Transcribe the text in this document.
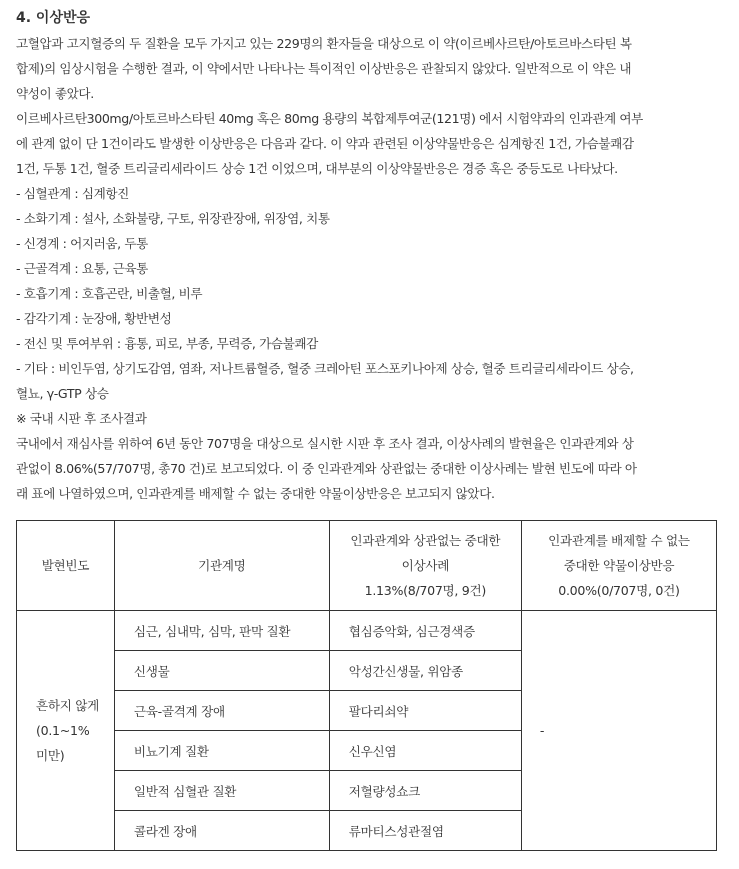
4. 이상반응
고혈압과 고지혈증의 두 질환을 모두 가지고 있는 229명의 환자들을 대상으로 이 약(이르베사르탄/아토르바스타틴 복
합제)의 임상시험을 수행한 결과, 이 약에서만 나타나는 특이적인 이상반응은 관찰되지 않았다. 일반적으로 이 약은 내
약성이 좋았다.
이르베사르탄300mg/아토르바스타틴 40mg 혹은 80mg 용량의 복합제투여군(121명) 에서 시험약과의 인과관계 여부
에 관계 없이 단 1건이라도 발생한 이상반응은 다음과 같다. 이 약과 관련된 이상약물반응은 심계항진 1건, 가슴불쾌감
1건, 두통 1건, 혈중 트리글리세라이드 상승 1건 이었으며, 대부분의 이상약물반응은 경증 혹은 중등도로 나타났다.
- 심혈관계 : 심계항진
- 소화기계 : 설사, 소화불량, 구토, 위장관장애, 위장염, 치통
- 신경계 : 어지러움, 두통
- 근골격계 : 요통, 근육통
- 호흡기계 : 호흡곤란, 비출혈, 비루
- 감각기계 : 눈장애, 황반변성
- 전신 및 투여부위 : 흉통, 피로, 부종, 무력증, 가슴불쾌감
- 기타 : 비인두염, 상기도감염, 염좌, 저나트륨혈증, 혈중 크레아틴 포스포키나아제 상승, 혈중 트리글리세라이드 상승,
혈뇨, γ-GTP 상승
※ 국내 시판 후 조사결과
국내에서 재심사를 위하여 6년 동안 707명을 대상으로 실시한 시판 후 조사 결과, 이상사례의 발현율은 인과관계와 상
관없이 8.06%(57/707명, 총70 건)로 보고되었다. 이 중 인과관계와 상관없는 중대한 이상사례는 발현 빈도에 따라 아
래 표에 나열하였으며, 인과관계를 배제할 수 없는 중대한 약물이상반응은 보고되지 않았다.
발현빈도	기관계명	인과관계와 상관없는 중대한
이상사례
1.13%(8/707명, 9건)	인과관계를 배제할 수 없는
중대한 약물이상반응
0.00%(0/707명, 0건)

흔하지 않게
(0.1~1%
미만)	심근, 심내막, 심막, 판막 질환	협심증악화, 심근경색증	-
	신생물	악성간신생물, 위암종	
	근육-골격계 장애	팔다리쇠약	
	비뇨기계 질환	신우신염	
	일반적 심혈관 질환	저혈량성쇼크	
	콜라겐 장애	류마티스성관절염	
